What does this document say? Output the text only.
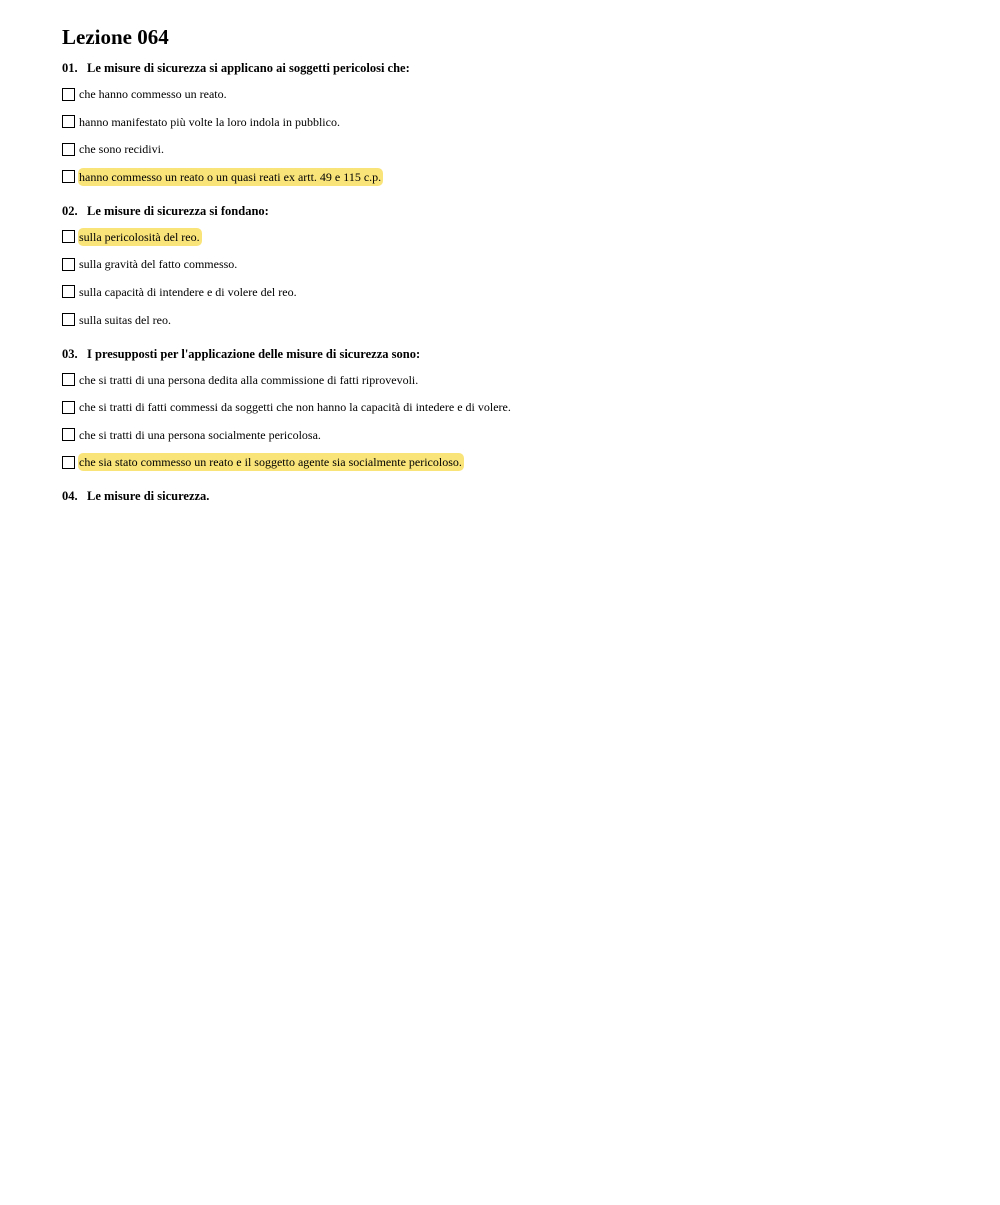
Lezione 064
01. Le misure di sicurezza si applicano ai soggetti pericolosi che:
che hanno commesso un reato.
hanno manifestato più volte la loro indola in pubblico.
che sono recidivi.
hanno commesso un reato o un quasi reati ex artt. 49 e 115 c.p.
02. Le misure di sicurezza si fondano:
sulla pericolosità del reo.
sulla gravità del fatto commesso.
sulla capacità di intendere e di volere del reo.
sulla suitas del reo.
03. I presupposti per l'applicazione delle misure di sicurezza sono:
che si tratti di una persona dedita alla commissione di fatti riprovevoli.
che si tratti di fatti commessi da soggetti che non hanno la capacità di intedere e di volere.
che si tratti di una persona socialmente pericolosa.
che sia stato commesso un reato e il soggetto agente sia socialmente pericoloso.
04. Le misure di sicurezza.
